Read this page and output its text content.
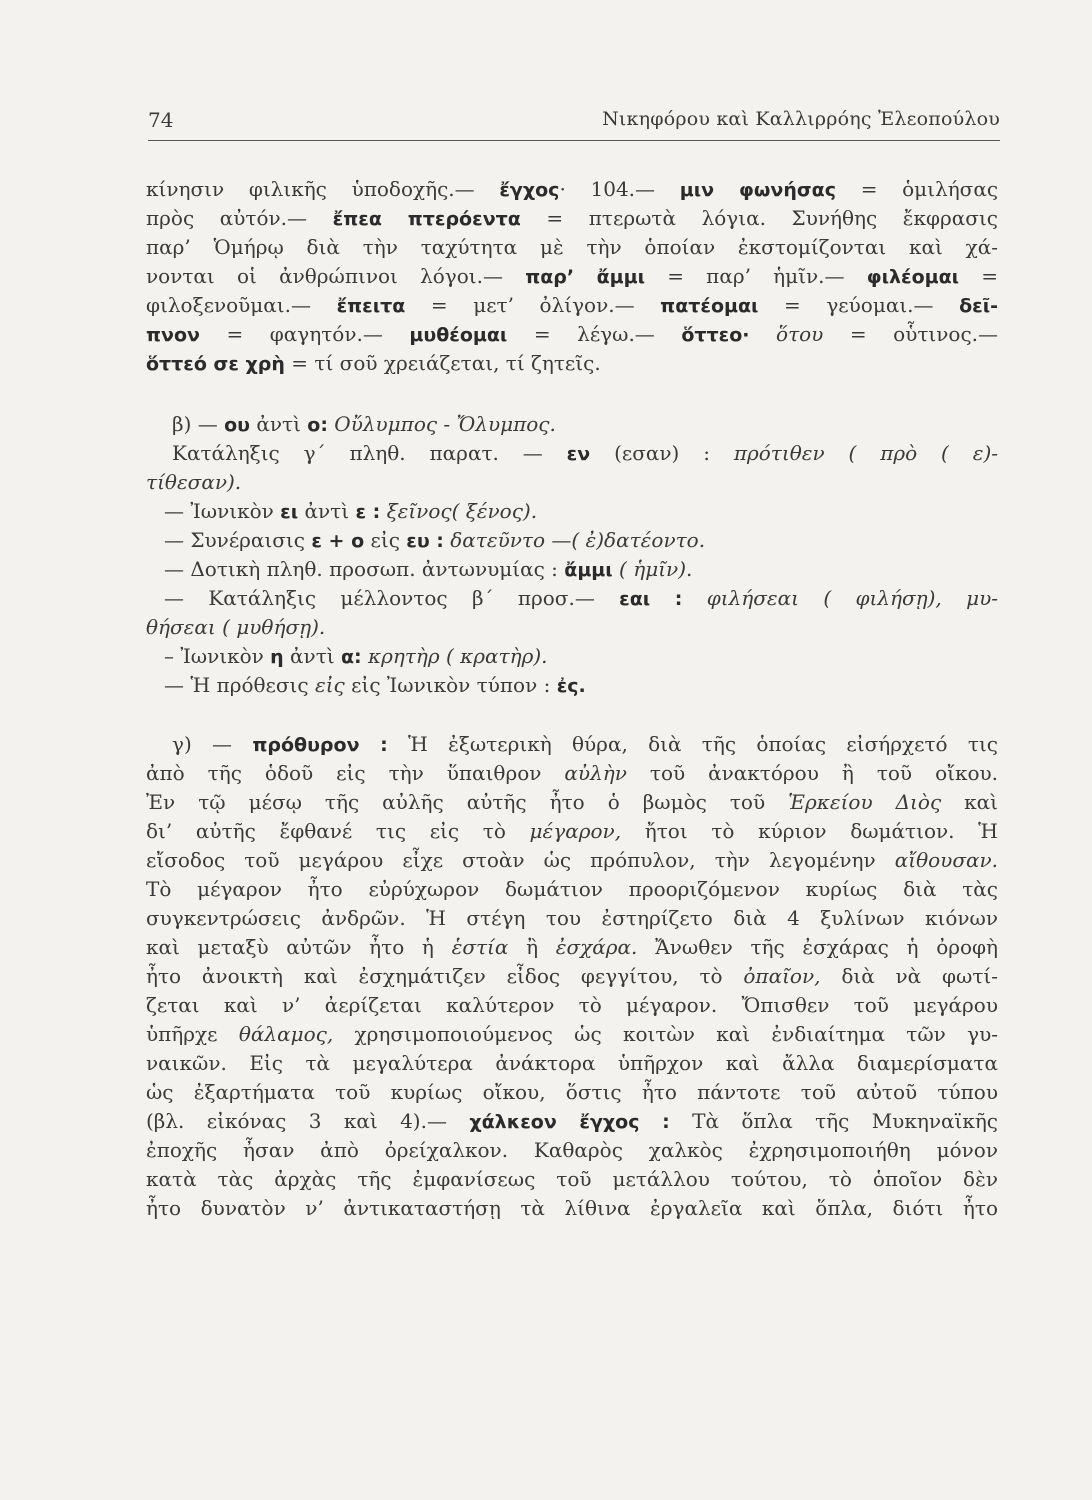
74	Νικηφόρου καὶ Καλλιρρόης Ἐλεοπούλου
κίνησιν φιλικῆς ὑποδοχῆς.— ἔγχος· 104.— μιν φωνήσας = ὁμιλήσας
πρὸς αὐτόν.— ἔπεα πτερόεντα = πτερωτὰ λόγια. Συνήθης ἔκφρασις
παρ’ Ὁμήρῳ διὰ τὴν ταχύτητα μὲ τὴν ὁποίαν ἐκστομίζονται καὶ χά-
νονται οἱ ἀνθρώπινοι λόγοι.— παρ’ ἄμμι = παρ’ ἡμῖν.— φιλέομαι =
φιλοξενοῦμαι.— ἔπειτα = μετ’ ὀλίγον.— πατέομαι = γεύομαι.— δεῖ-
πνον = φαγητόν.— μυθέομαι = λέγω.— ὅττεο· ὅτου = οὗτινος.—
ὅττεό σε χρὴ = τί σοῦ χρειάζεται, τί ζητεῖς.
β) — ου ἀντὶ ο: Οὔλυμπος - Ὄλυμπος.
Κατάληξις γ΄ πληθ. παρατ. — εν (εσαν) : πρότιθεν ( πρὸ ( ε)-
τίθεσαν).
— Ἰωνικὸν ει ἀντὶ ε : ξεῖνος( ξένος).
— Συνέραισις ε + ο εἰς ευ : δατεῦντο —( ἐ)δατέοντο.
— Δοτικὴ πληθ. προσωπ. ἀντωνυμίας : ἄμμι ( ἡμῖν).
— Κατάληξις μέλλοντος β΄ προσ.— εαι : φιλήσεαι ( φιλήσῃ), μυ-
θήσεαι ( μυθήσῃ).
– Ἰωνικὸν η ἀντὶ α: κρητὴρ ( κρατὴρ).
— Ἡ πρόθεσις εἰς εἰς Ἰωνικὸν τύπον : ἐς.
γ) — πρόθυρον : Ἡ ἐξωτερικὴ θύρα, διὰ τῆς ὁποίας εἰσήρχετό τις
ἀπὸ τῆς ὁδοῦ εἰς τὴν ὕπαιθρον αὐλὴν τοῦ ἀνακτόρου ἢ τοῦ οἴκου.
Ἐν τῷ μέσῳ τῆς αὐλῆς αὐτῆς ἦτο ὁ βωμὸς τοῦ Ἑρκείου Διὸς καὶ
δι’ αὐτῆς ἔφθανέ τις εἰς τὸ μέγαρον, ἤτοι τὸ κύριον δωμάτιον. Ἡ
εἴσοδος τοῦ μεγάρου εἶχε στοὰν ὡς πρόπυλον, τὴν λεγομένην αἴθουσαν.
Τὸ μέγαρον ἦτο εὐρύχωρον δωμάτιον προοριζόμενον κυρίως διὰ τὰς
συγκεντρώσεις ἀνδρῶν. Ἡ στέγη του ἐστηρίζετο διὰ 4 ξυλίνων κιόνων
καὶ μεταξὺ αὐτῶν ἦτο ἡ ἑστία ἢ ἐσχάρα. Ἄνωθεν τῆς ἐσχάρας ἡ ὀροφὴ
ἦτο ἀνοικτὴ καὶ ἐσχημάτιζεν εἶδος φεγγίτου, τὸ ὀπαῖον, διὰ νὰ φωτί-
ζεται καὶ ν’ ἀερίζεται καλύτερον τὸ μέγαρον. Ὄπισθεν τοῦ μεγάρου
ὑπῆρχε θάλαμος, χρησιμοποιούμενος ὡς κοιτὼν καὶ ἐνδιαίτημα τῶν γυ-
ναικῶν. Εἰς τὰ μεγαλύτερα ἀνάκτορα ὑπῆρχον καὶ ἄλλα διαμερίσματα
ὡς ἐξαρτήματα τοῦ κυρίως οἴκου, ὅστις ἦτο πάντοτε τοῦ αὐτοῦ τύπου
(βλ. εἰκόνας 3 καὶ 4).— χάλκεον ἔγχος : Τὰ ὅπλα τῆς Μυκηναϊκῆς
ἐποχῆς ἦσαν ἀπὸ ὀρείχαλκον. Καθαρὸς χαλκὸς ἐχρησιμοποιήθη μόνον
κατὰ τὰς ἀρχὰς τῆς ἐμφανίσεως τοῦ μετάλλου τούτου, τὸ ὁποῖον δὲν
ἦτο δυνατὸν ν’ ἀντικαταστήσῃ τὰ λίθινα ἐργαλεῖα καὶ ὅπλα, διότι ἦτο
